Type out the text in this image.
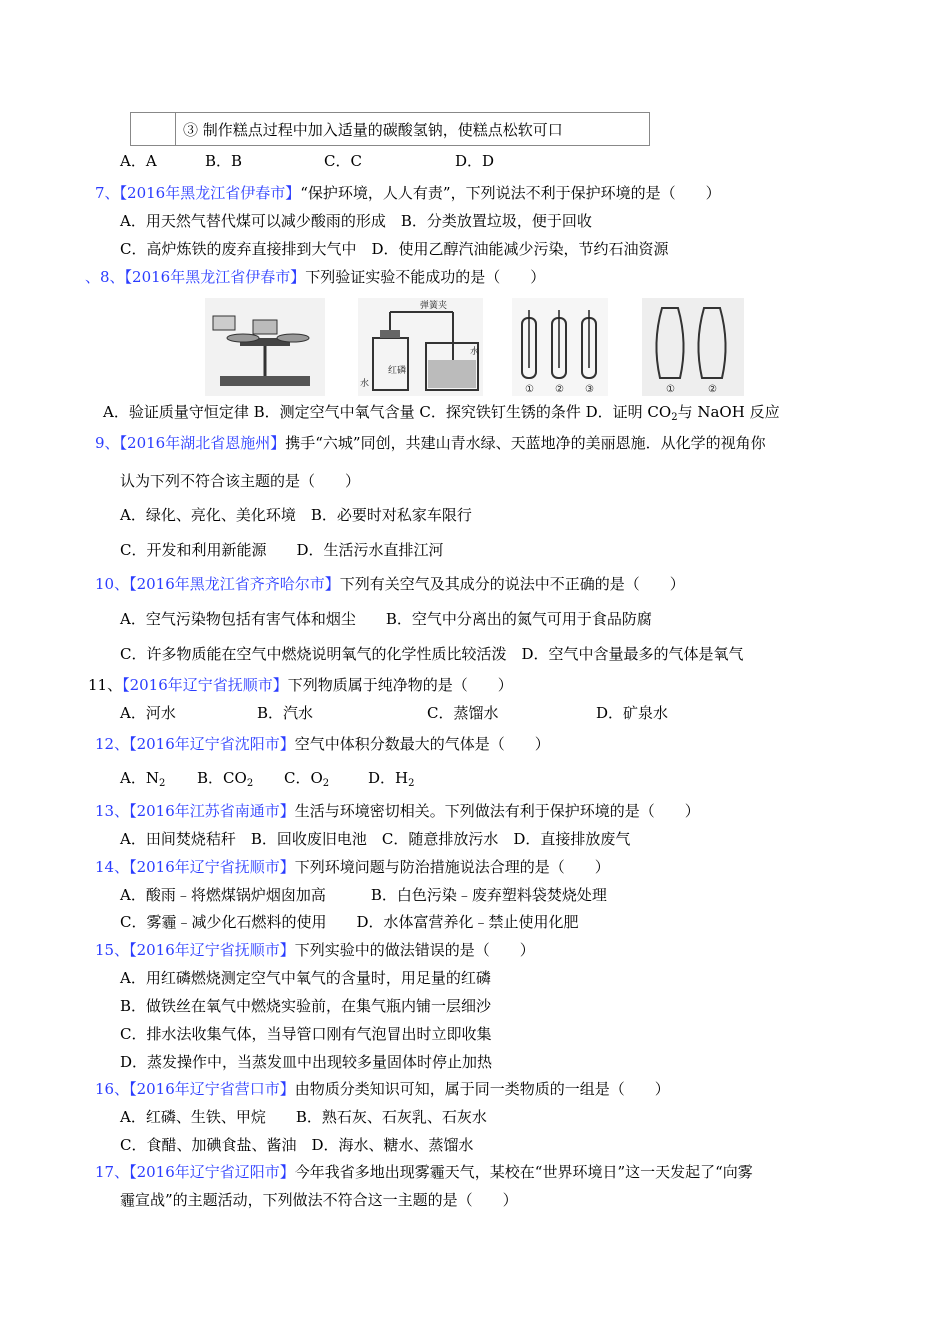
③ 制作糕点过程中加入适量的碳酸氢钠，使糕点松软可口
A．A	B．B	C．C	D．D
7、【2016年黑龙江省伊春市】“保护环境，人人有责”，下列说法不利于保护环境的是（　　）
A．用天然气替代煤可以减少酸雨的形成　B．分类放置垃圾，便于回收
C．高炉炼铁的废弃直接排到大气中　D．使用乙醇汽油能减少污染，节约石油资源
、8、【2016年黑龙江省伊春市】下列验证实验不能成功的是（　　）
弹簧夹
红磷
水
水
① ② ③	①	②
A．验证质量守恒定律 B．测定空气中氧气含量 C．探究铁钉生锈的条件 D．证明 $CO_2$与 NaOH 反应
9、【2016年湖北省恩施州】携手“六城”同创，共建山青水绿、天蓝地净的美丽恩施．从化学的视角你
认为下列不符合该主题的是（　　）
A．绿化、亮化、美化环境　B．必要时对私家车限行
C．开发和利用新能源　　D．生活污水直排江河
10、【2016年黑龙江省齐齐哈尔市】下列有关空气及其成分的说法中不正确的是（　　）
A．空气污染物包括有害气体和烟尘　　B．空气中分离出的氮气可用于食品防腐
C．许多物质能在空气中燃烧说明氧气的化学性质比较活泼　D．空气中含量最多的气体是氧气
11、【2016年辽宁省抚顺市】下列物质属于纯净物的是（　　）
A．河水	B．汽水	C．蒸馏水	D．矿泉水
12、【2016年辽宁省沈阳市】空气中体积分数最大的气体是（　　）
A．$N_2$ B．$CO_2$ C．$O_2$	D．$H_2$
13、【2016年江苏省南通市】生活与环境密切相关。下列做法有利于保护环境的是（　　）
A．田间焚烧秸秆　B．回收废旧电池　C．随意排放污水　D．直接排放废气
14、【2016年辽宁省抚顺市】下列环境问题与防治措施说法合理的是（　　）
A．酸雨﹣将燃煤锅炉烟囱加高　　　B．白色污染﹣废弃塑料袋焚烧处理
C．雾霾﹣减少化石燃料的使用　　D．水体富营养化﹣禁止使用化肥
15、【2016年辽宁省抚顺市】下列实验中的做法错误的是（　　）
A．用红磷燃烧测定空气中氧气的含量时，用足量的红磷
B．做铁丝在氧气中燃烧实验前，在集气瓶内铺一层细沙
C．排水法收集气体，当导管口刚有气泡冒出时立即收集
D．蒸发操作中，当蒸发皿中出现较多量固体时停止加热
16、【2016年辽宁省营口市】由物质分类知识可知，属于同一类物质的一组是（　　）
A．红磷、生铁、甲烷　　B．熟石灰、石灰乳、石灰水
C．食醋、加碘食盐、酱油　D．海水、糖水、蒸馏水
17、【2016年辽宁省辽阳市】今年我省多地出现雾霾天气，某校在“世界环境日”这一天发起了“向雾
霾宣战”的主题活动，下列做法不符合这一主题的是（　　）
